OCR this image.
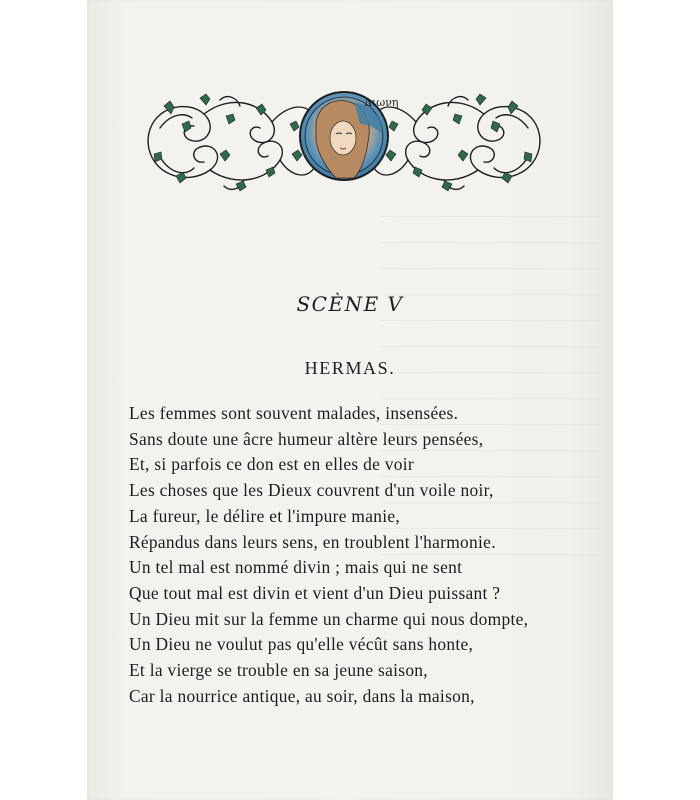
Διωνη
SCÈNE V
HERMAS.
Les femmes sont souvent malades, insensées.
Sans doute une âcre humeur altère leurs pensées,
Et, si parfois ce don est en elles de voir
Les choses que les Dieux couvrent d'un voile noir,
La fureur, le délire et l'impure manie,
Répandus dans leurs sens, en troublent l'harmonie.
Un tel mal est nommé divin ; mais qui ne sent
Que tout mal est divin et vient d'un Dieu puissant ?
Un Dieu mit sur la femme un charme qui nous dompte,
Un Dieu ne voulut pas qu'elle vécût sans honte,
Et la vierge se trouble en sa jeune saison,
Car la nourrice antique, au soir, dans la maison,
